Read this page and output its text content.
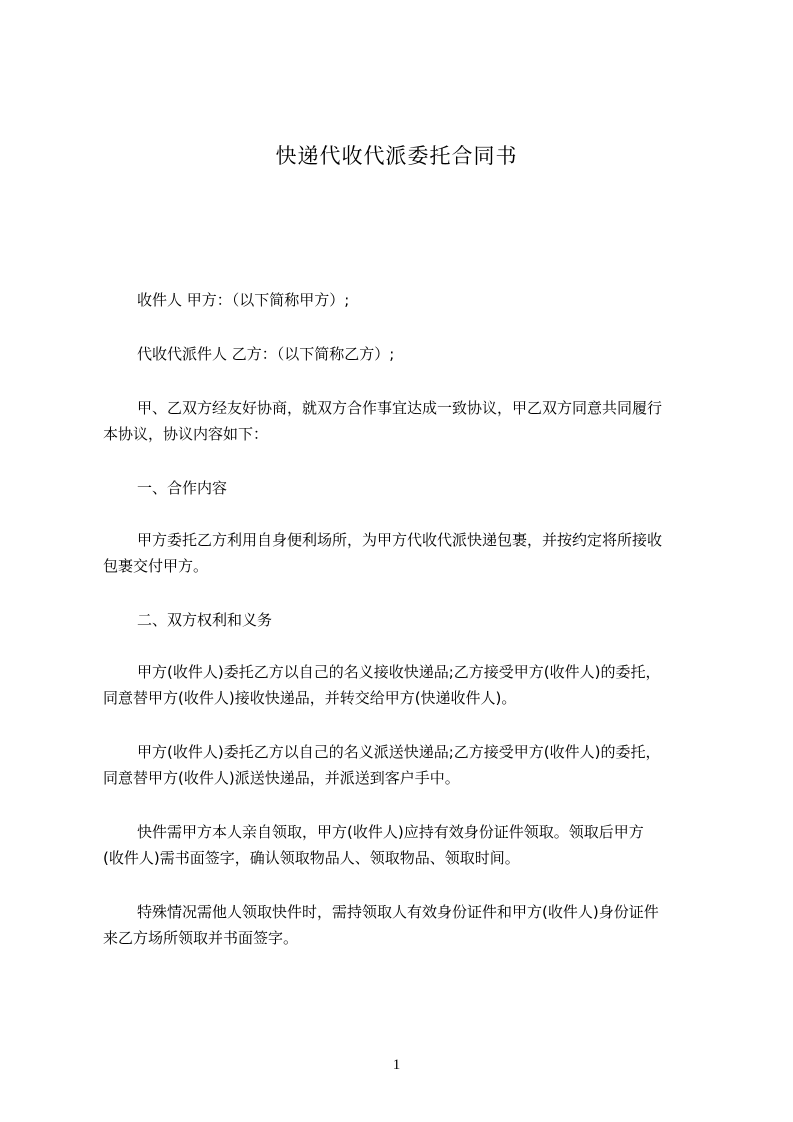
快递代收代派委托合同书
收件人 甲方：（以下简称甲方）;
代收代派件人 乙方：（以下简称乙方）;
甲、乙双方经友好协商，就双方合作事宜达成一致协议，甲乙双方同意共同履行
本协议，协议内容如下：
一、合作内容
甲方委托乙方利用自身便利场所，为甲方代收代派快递包裹，并按约定将所接收
包裹交付甲方。
二、双方权利和义务
甲方(收件人)委托乙方以自己的名义接收快递品;乙方接受甲方(收件人)的委托，
同意替甲方(收件人)接收快递品，并转交给甲方(快递收件人)。
甲方(收件人)委托乙方以自己的名义派送快递品;乙方接受甲方(收件人)的委托，
同意替甲方(收件人)派送快递品，并派送到客户手中。
快件需甲方本人亲自领取，甲方(收件人)应持有效身份证件领取。领取后甲方
(收件人)需书面签字，确认领取物品人、领取物品、领取时间。
特殊情况需他人领取快件时，需持领取人有效身份证件和甲方(收件人)身份证件
来乙方场所领取并书面签字。
1
